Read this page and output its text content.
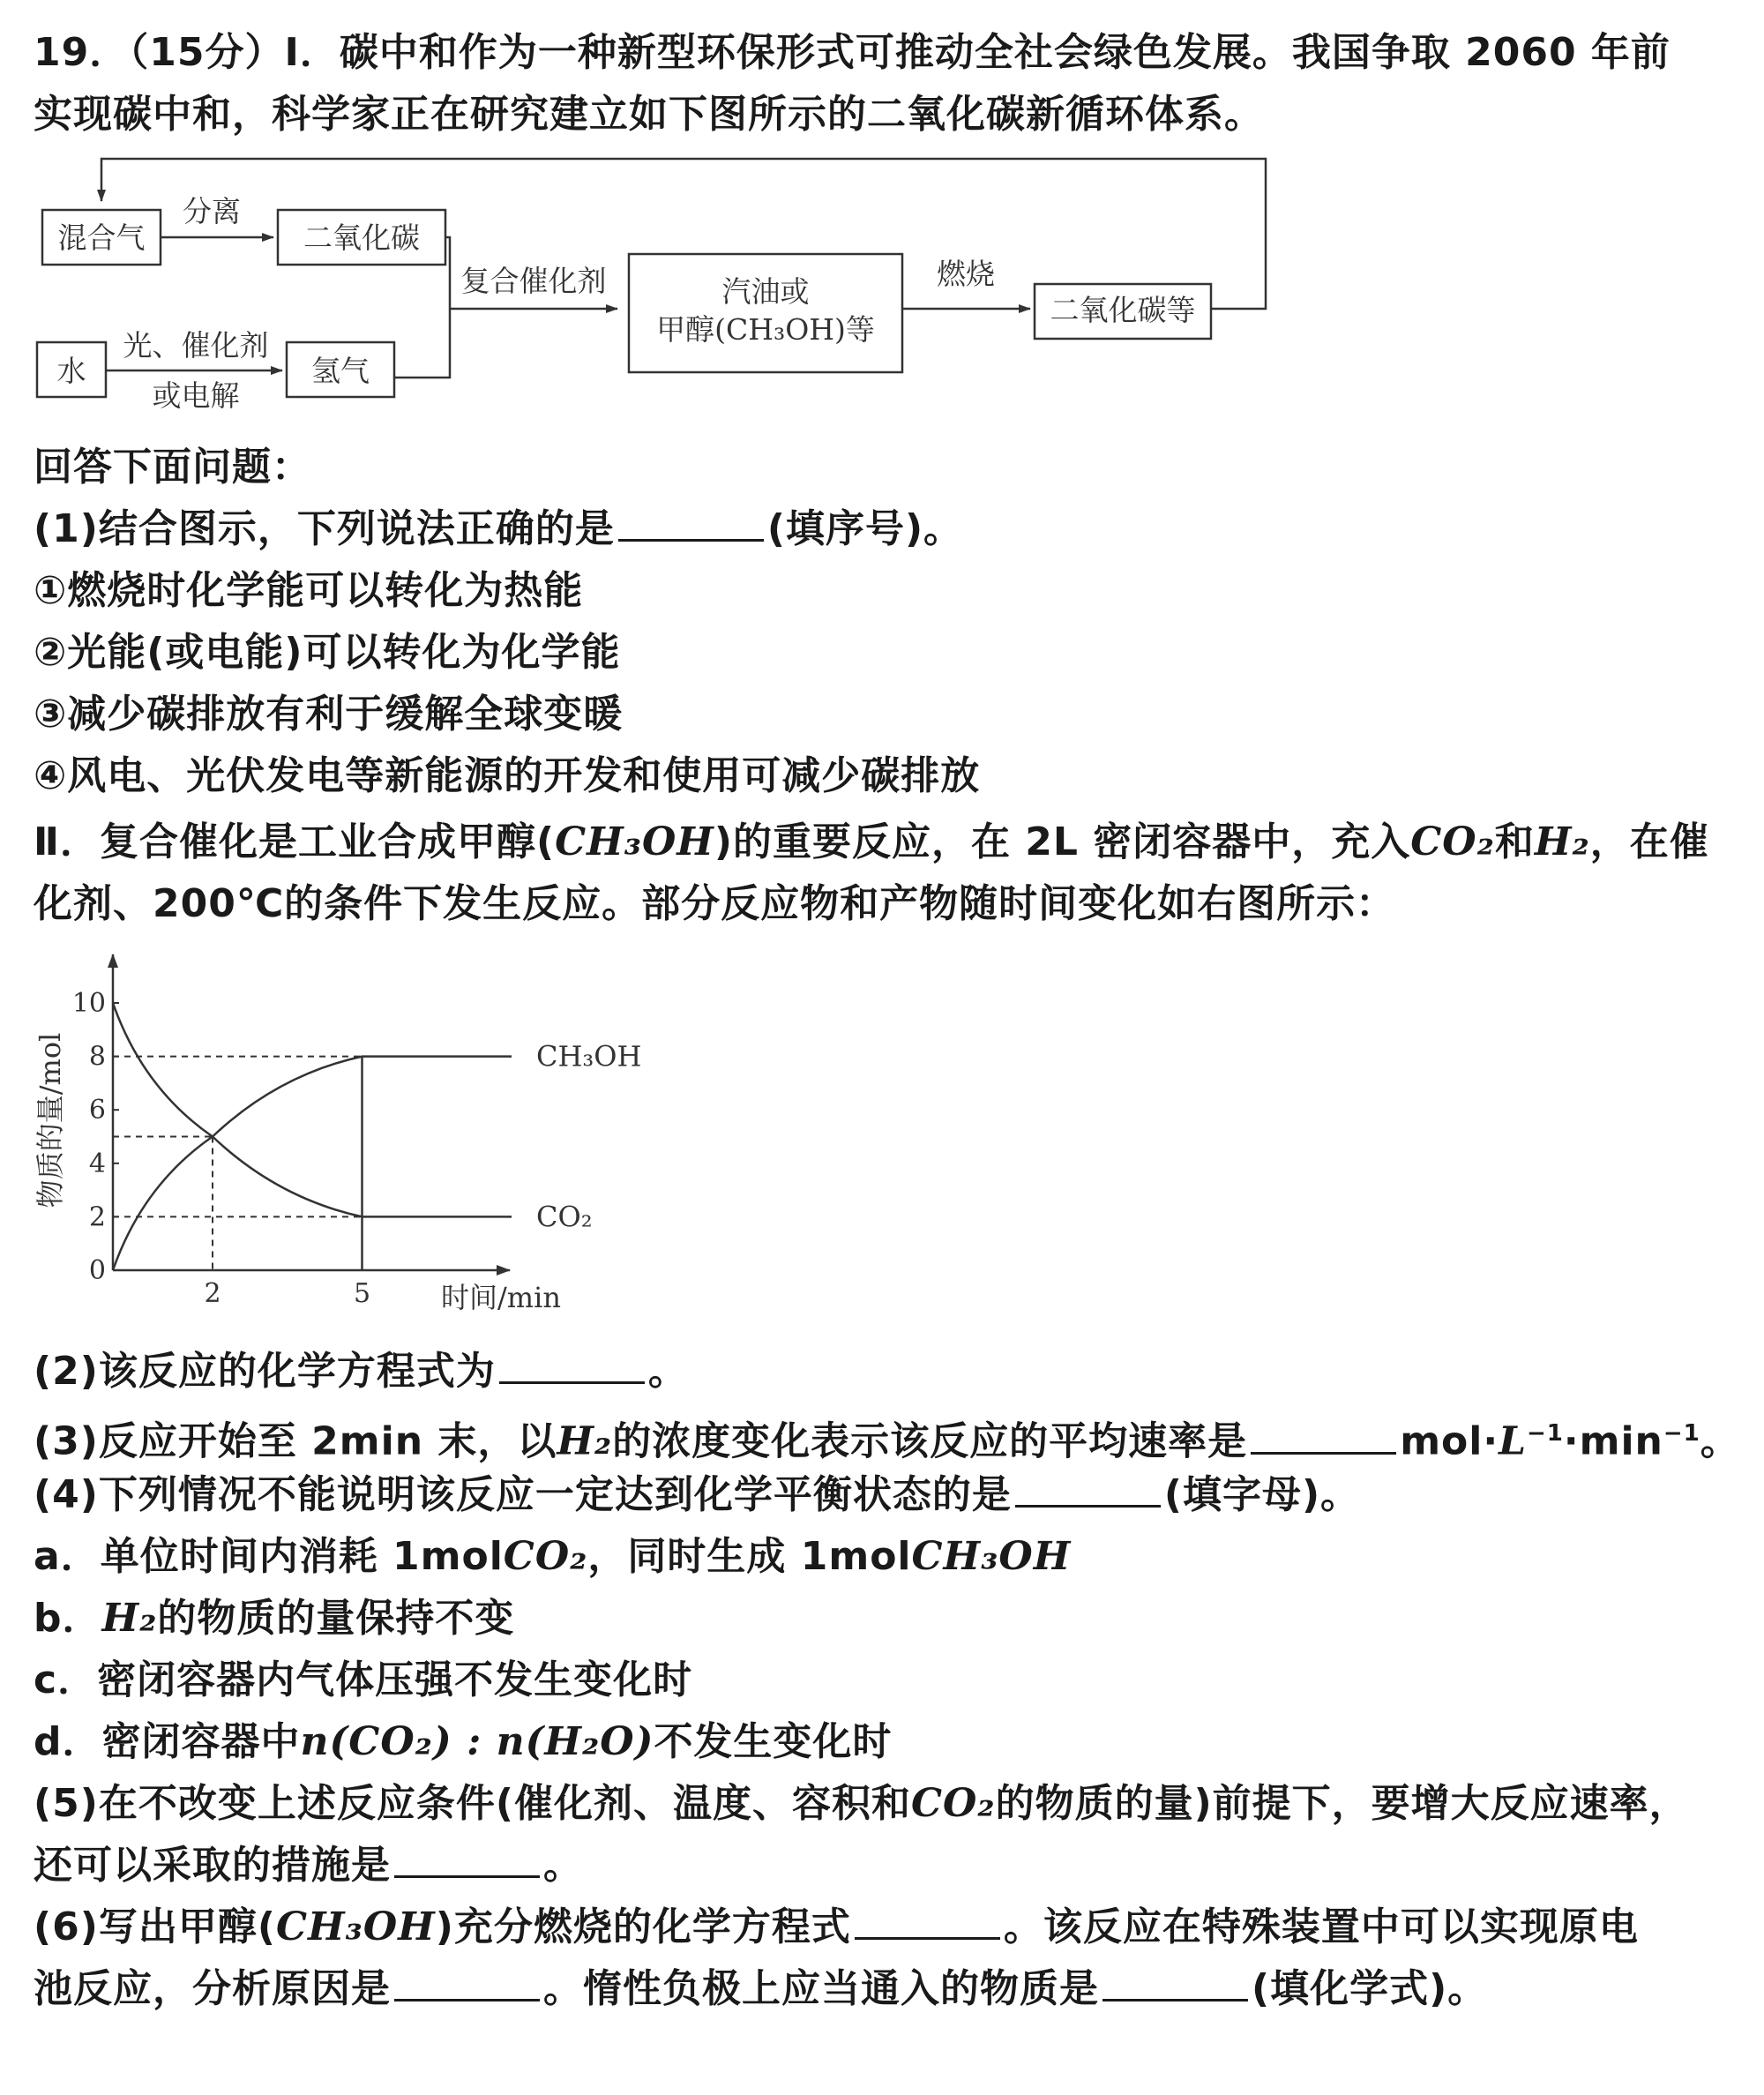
19．（15分）Ⅰ．碳中和作为一种新型环保形式可推动全社会绿色发展。我国争取 2060 年前
实现碳中和，科学家正在研究建立如下图所示的二氧化碳新循环体系。
混合气
分离
二氧化碳
水
光、催化剂
或电解
氢气
复合催化剂	汽油或
甲醇(CH₃OH)等
燃烧
二氧化碳等
回答下面问题：
(1)结合图示，下列说法正确的是	(填序号)。
①燃烧时化学能可以转化为热能
②光能(或电能)可以转化为化学能
③减少碳排放有利于缓解全球变暖
④风电、光伏发电等新能源的开发和使用可减少碳排放
Ⅱ．复合催化是工业合成甲醇(CH₃OH)的重要反应，在 2L 密闭容器中，充入CO₂和H₂，在催
化剂、200℃的条件下发生反应。部分反应物和产物随时间变化如右图所示：
10
8
6
4
2
0
2	5
CH₃OH
CO₂
物质的量/mol
时间/min
(2)该反应的化学方程式为	。
(3)反应开始至 2min 末，以H₂的浓度变化表示该反应的平均速率是	$mol\cdot L^{-1}\cdot\min^{-1}$。
(4)下列情况不能说明该反应一定达到化学平衡状态的是	(填字母)。
a．单位时间内消耗 1molCO₂，同时生成 1molCH₃OH
b．H₂的物质的量保持不变
c．密闭容器内气体压强不发生变化时
d．密闭容器中n(CO₂) : n(H₂O)不发生变化时
(5)在不改变上述反应条件(催化剂、温度、容积和CO₂的物质的量)前提下，要增大反应速率，
还可以采取的措施是	。
(6)写出甲醇(CH₃OH)充分燃烧的化学方程式	。该反应在特殊装置中可以实现原电
池反应，分析原因是	。惰性负极上应当通入的物质是	(填化学式)。
